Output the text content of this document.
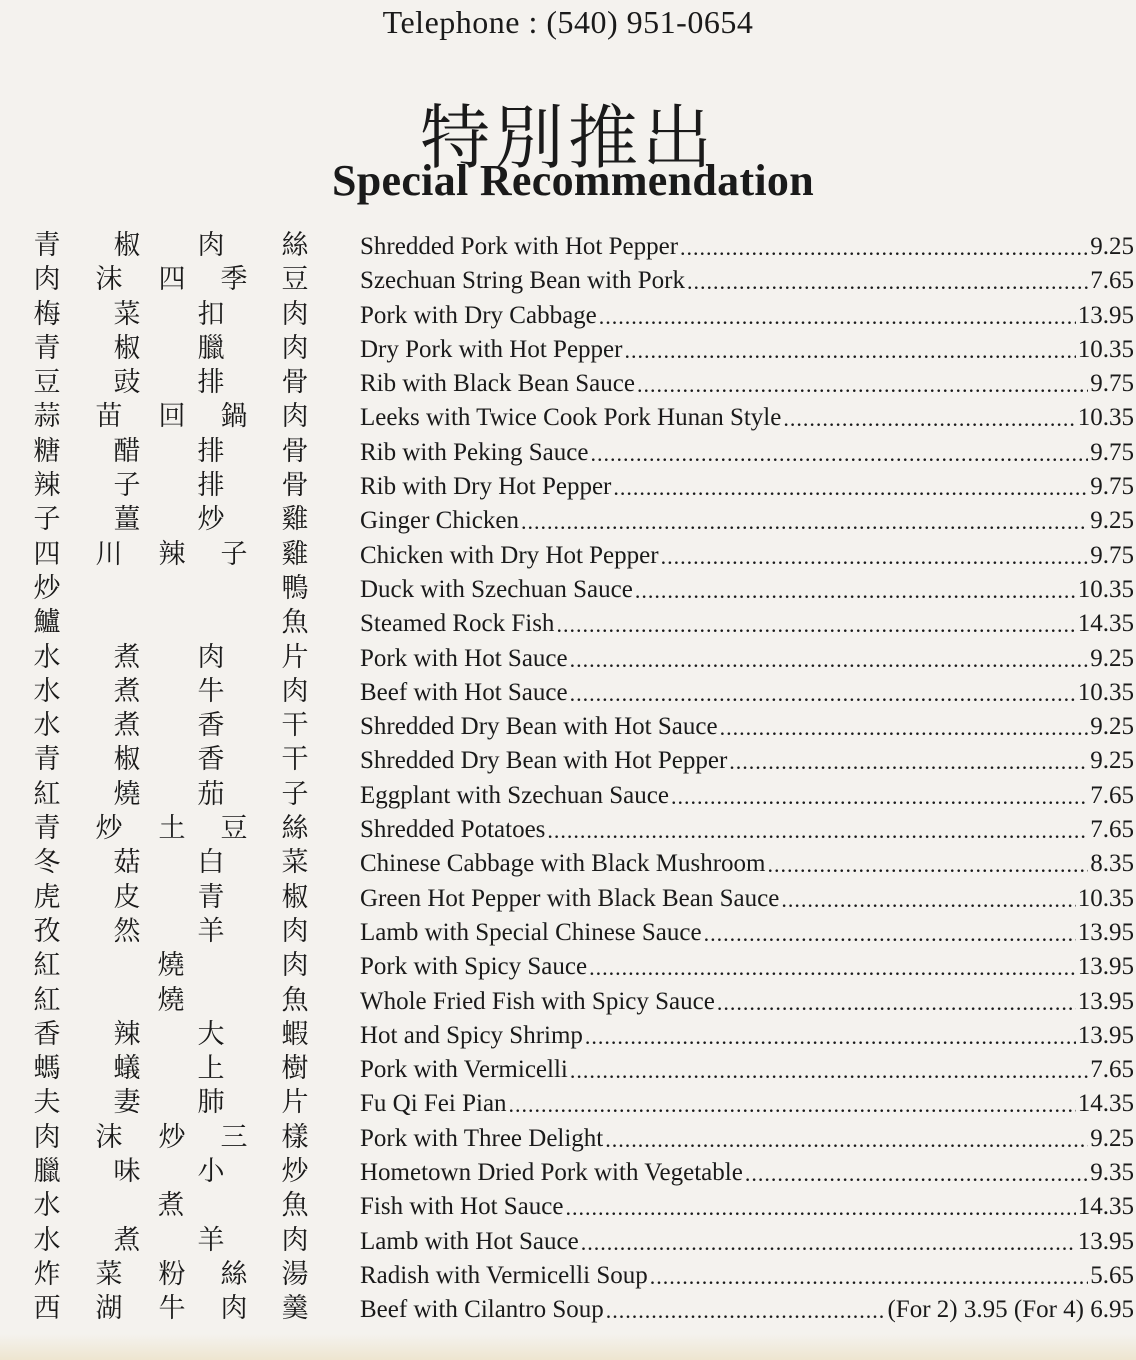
Telephone : (540) 951-0654
特別推出
Special Recommendation
青 椒 肉 絲 Shredded Pork with Hot Pepper .....	9.25
肉 沫 四 季 豆 Szechuan String Bean with Pork .....	7.65
梅 菜 扣 肉 Pork with Dry Cabbage .....	13.95
青 椒 臘 肉 Dry Pork with Hot Pepper .....	10.35
豆 豉 排 骨 Rib with Black Bean Sauce .....	9.75
蒜 苗 回 鍋 肉 Leeks with Twice Cook Pork Hunan Style .....	10.35
糖 醋 排 骨 Rib with Peking Sauce .....	9.75
辣 子 排 骨 Rib with Dry Hot Pepper .....	9.75
子 薑 炒 雞 Ginger Chicken .....	9.25
四 川 辣 子 雞 Chicken with Dry Hot Pepper .....	9.75
炒	鴨 Duck with Szechuan Sauce .....	10.35
鱸	魚 Steamed Rock Fish .....	14.35
水 煮 肉 片 Pork with Hot Sauce .....	9.25
水 煮 牛 肉 Beef with Hot Sauce .....	10.35
水 煮 香 干 Shredded Dry Bean with Hot Sauce .....	9.25
青 椒 香 干 Shredded Dry Bean with Hot Pepper .....	9.25
紅 燒 茄 子 Eggplant with Szechuan Sauce .....	7.65
青 炒 土 豆 絲 Shredded Potatoes .....	7.65
冬 菇 白 菜 Chinese Cabbage with Black Mushroom .....	8.35
虎 皮 青 椒 Green Hot Pepper with Black Bean Sauce .....	10.35
孜 然 羊 肉 Lamb with Special Chinese Sauce .....	13.95
紅	燒	肉 Pork with Spicy Sauce .....	13.95
紅	燒	魚 Whole Fried Fish with Spicy Sauce .....	13.95
香 辣 大 蝦 Hot and Spicy Shrimp .....	13.95
螞 蟻 上 樹 Pork with Vermicelli .....	7.65
夫 妻 肺 片 Fu Qi Fei Pian .....	14.35
肉 沫 炒 三 樣 Pork with Three Delight .....	9.25
臘 味 小 炒 Hometown Dried Pork with Vegetable .....	9.35
水	煮	魚 Fish with Hot Sauce .....	14.35
水 煮 羊 肉 Lamb with Hot Sauce .....	13.95
炸 菜 粉 絲 湯 Radish with Vermicelli Soup .....	5.65
西 湖 牛 肉 羹 Beef with Cilantro Soup .....	(For 2) 3.95 (For 4) 6.95
